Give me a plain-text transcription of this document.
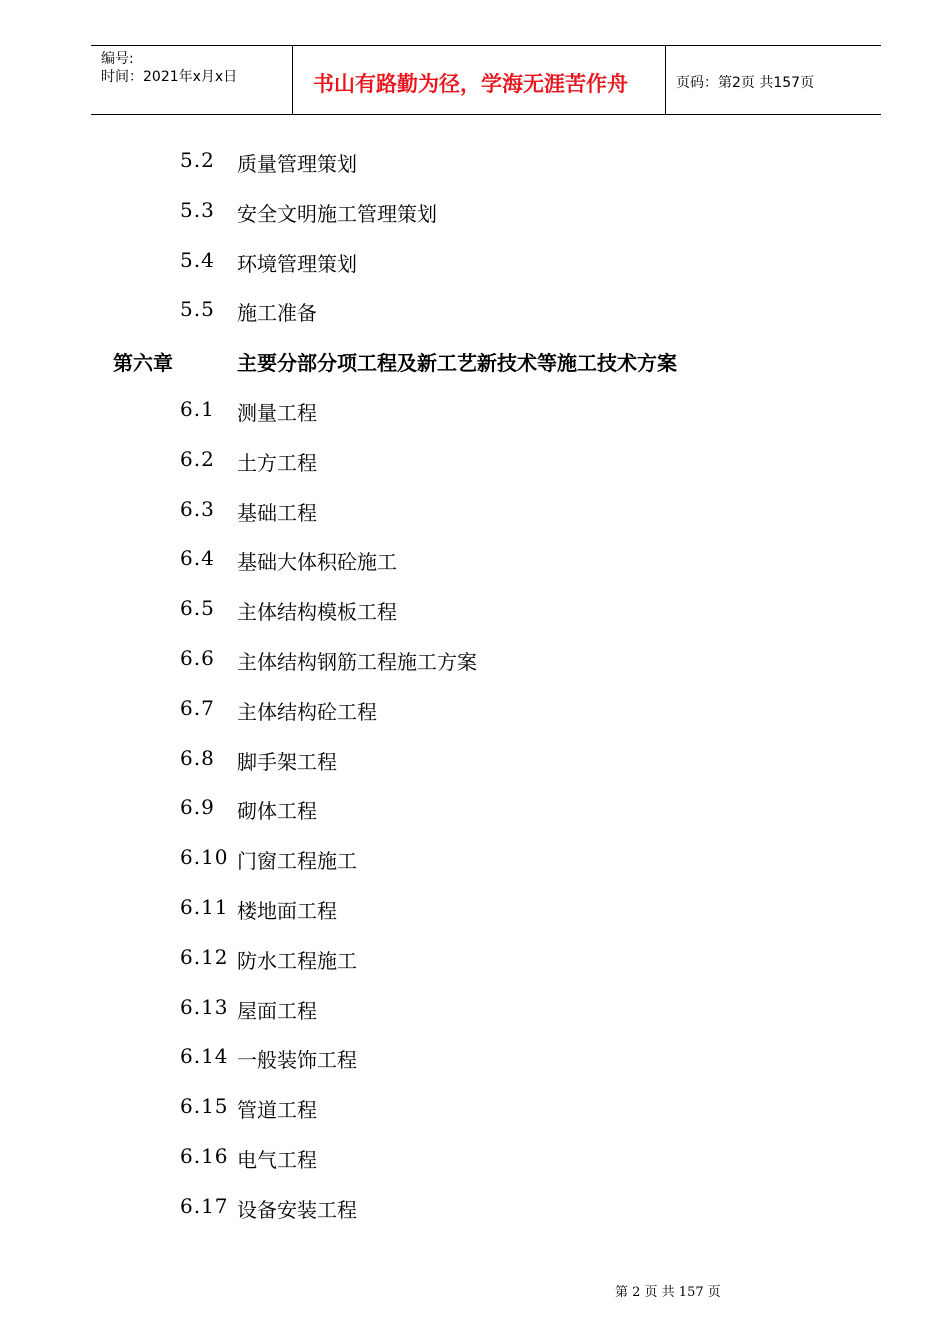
编号:
时间：2021年x月x日	书山有路勤为径，学海无涯苦作舟	页码：第2页 共157页
5.2 质量管理策划
5.3 安全文明施工管理策划
5.4 环境管理策划
5.5 施工准备
第六章	主要分部分项工程及新工艺新技术等施工技术方案
6.1 测量工程
6.2 土方工程
6.3 基础工程
6.4 基础大体积砼施工
6.5 主体结构模板工程
6.6 主体结构钢筋工程施工方案
6.7 主体结构砼工程
6.8 脚手架工程
6.9 砌体工程
6.10 门窗工程施工
6.11 楼地面工程
6.12 防水工程施工
6.13 屋面工程
6.14 一般装饰工程
6.15 管道工程
6.16 电气工程
6.17 设备安装工程
第 2 页 共 157 页
